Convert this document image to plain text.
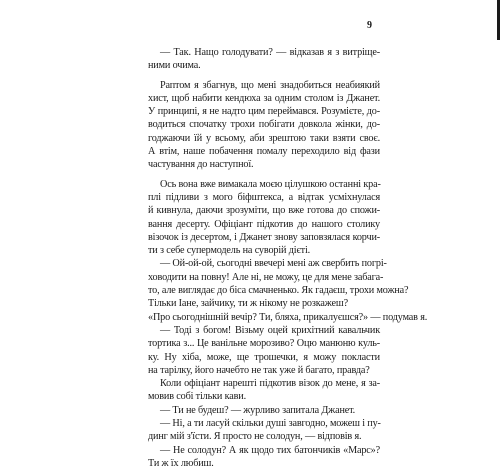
9
— Так. Нащо голодувати? — відказав я з витріще-
ними очима.
Раптом я збагнув, що мені знадобиться неабиякий
хист, щоб набити кендюха за одним столом із Джанет.
У принципі, я не надто цим переймався. Розумієте, до-
водиться спочатку трохи побігати довкола жінки, до-
годжаючи їй у всьому, аби зрештою таки взяти своє.
А втім, наше побачення помалу переходило від фази
частування до наступної.
Ось вона вже вимакала моєю цілушкою останні кра-
плі підливи з мого біфштекса, а відтак усміхнулася
й кивнула, даючи зрозуміти, що вже готова до спожи-
вання десерту. Офіціант підкотив до нашого столику
візочок із десертом, і Джанет знову заповзялася корчи-
ти з себе супермодель на суворій дієті.
— Ой-ой-ой, сьогодні ввечері мені аж свербить погрі-
ховодити на повну! Але ні, не можу, це для мене забага-
то, але виглядає до біса смачненько. Як гадаєш, трохи можна?
Тільки Іане, зайчику, ти ж нікому не розкажеш?
«Про сьогоднішній вечір? Ти, бляха, прикалуєшся?» — подумав я.
— Тоді з богом! Візьму оцей крихітний кавальчик
тортика з... Це ванільне морозиво? Оцю манюню куль-
ку. Ну хіба, може, ще трошечки, я можу покласти
на тарілку, його начебто не так уже й багато, правда?
Коли офіціант нарешті підкотив візок до мене, я за-
мовив собі тільки кави.
— Ти не будеш? — журливо запитала Джанет.
— Ні, а ти ласуй скільки душі завгодно, можеш і пу-
динг мій з'їсти. Я просто не солодун, — відповів я.
— Не солодун? А як щодо тих батончиків «Марс»?
Ти ж їх любиш.
